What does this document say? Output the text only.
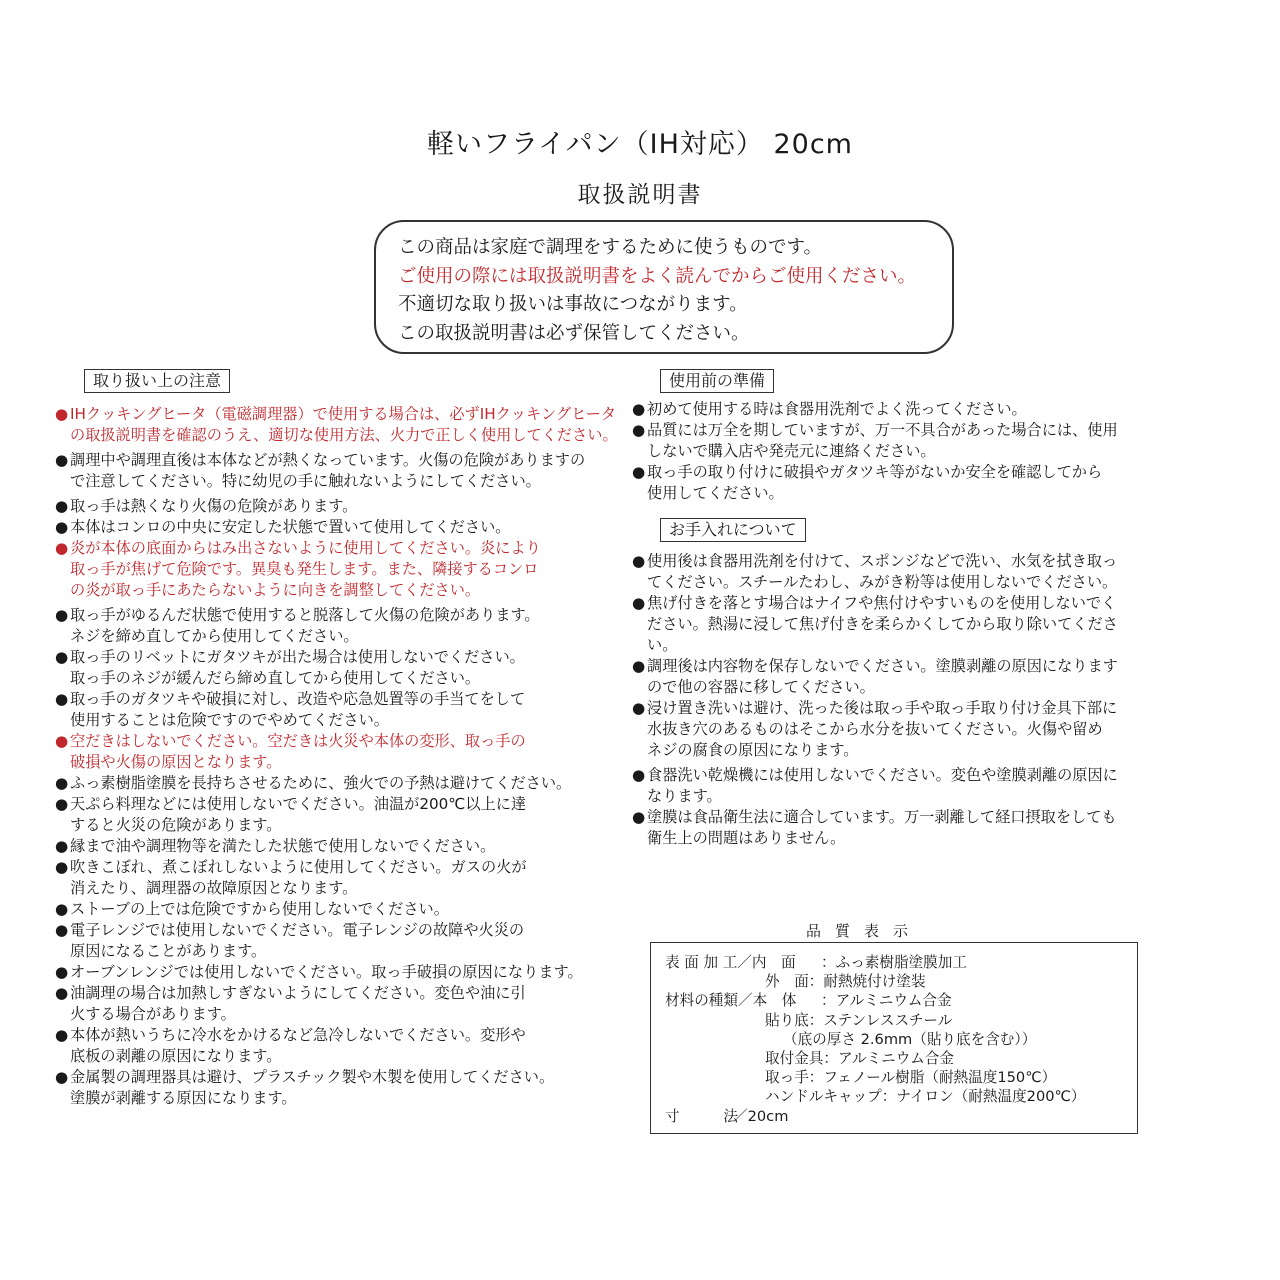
軽いフライパン（IH対応） 20cm
取扱説明書
この商品は家庭で調理をするために使うものです。
ご使用の際には取扱説明書をよく読んでからご使用ください。
不適切な取り扱いは事故につながります。
この取扱説明書は必ず保管してください。
取り扱い上の注意
● IHクッキングヒータ（電磁調理器）で使用する場合は、必ずIHクッキングヒータ
の取扱説明書を確認のうえ、適切な使用方法、火力で正しく使用してください。
● 調理中や調理直後は本体などが熱くなっています。火傷の危険がありますの
で注意してください。特に幼児の手に触れないようにしてください。
● 取っ手は熱くなり火傷の危険があります。
● 本体はコンロの中央に安定した状態で置いて使用してください。
● 炎が本体の底面からはみ出さないように使用してください。炎により
取っ手が焦げて危険です。異臭も発生します。また、隣接するコンロ
の炎が取っ手にあたらないように向きを調整してください。
● 取っ手がゆるんだ状態で使用すると脱落して火傷の危険があります。
ネジを締め直してから使用してください。
● 取っ手のリベットにガタツキが出た場合は使用しないでください。
取っ手のネジが緩んだら締め直してから使用してください。
● 取っ手のガタツキや破損に対し、改造や応急処置等の手当てをして
使用することは危険ですのでやめてください。
● 空だきはしないでください。空だきは火災や本体の変形、取っ手の
破損や火傷の原因となります。
● ふっ素樹脂塗膜を長持ちさせるために、強火での予熱は避けてください。
● 天ぷら料理などには使用しないでください。油温が200℃以上に達
すると火災の危険があります。
● 縁まで油や調理物等を満たした状態で使用しないでください。
● 吹きこぼれ、煮こぼれしないように使用してください。ガスの火が
消えたり、調理器の故障原因となります。
● ストーブの上では危険ですから使用しないでください。
● 電子レンジでは使用しないでください。電子レンジの故障や火災の
原因になることがあります。
● オーブンレンジでは使用しないでください。取っ手破損の原因になります。
● 油調理の場合は加熱しすぎないようにしてください。変色や油に引
火する場合があります。
● 本体が熱いうちに冷水をかけるなど急冷しないでください。変形や
底板の剥離の原因になります。
● 金属製の調理器具は避け、プラスチック製や木製を使用してください。
塗膜が剥離する原因になります。
使用前の準備
● 初めて使用する時は食器用洗剤でよく洗ってください。
● 品質には万全を期していますが、万一不具合があった場合には、使用
しないで購入店や発売元に連絡ください。
● 取っ手の取り付けに破損やガタツキ等がないか安全を確認してから
使用してください。
お手入れについて
● 使用後は食器用洗剤を付けて、スポンジなどで洗い、水気を拭き取っ
てください。スチールたわし、みがき粉等は使用しないでください。
● 焦げ付きを落とす場合はナイフや焦付けやすいものを使用しないでく
ださい。熱湯に浸して焦げ付きを柔らかくしてから取り除いてくださ
い。
● 調理後は内容物を保存しないでください。塗膜剥離の原因になります
ので他の容器に移してください。
● 浸け置き洗いは避け、洗った後は取っ手や取っ手取り付け金具下部に
水抜き穴のあるものはそこから水分を抜いてください。火傷や留め
ネジの腐食の原因になります。
● 食器洗い乾燥機には使用しないでください。変色や塗膜剥離の原因に
なります。
● 塗膜は食品衛生法に適合しています。万一剥離して経口摂取をしても
衛生上の問題はありません。
品質表示
表 面 加 工／内　面 ：ふっ素樹脂塗膜加工
外　面：耐熱焼付け塗装
材料の種類／本　体 ：アルミニウム合金
貼り底：ステンレススチール
（底の厚さ 2.6mm（貼り底を含む））
取付金具：アルミニウム合金
取っ手：フェノール樹脂（耐熱温度150℃）
ハンドルキャップ：ナイロン（耐熱温度200℃）
寸　　　法
／20cm
